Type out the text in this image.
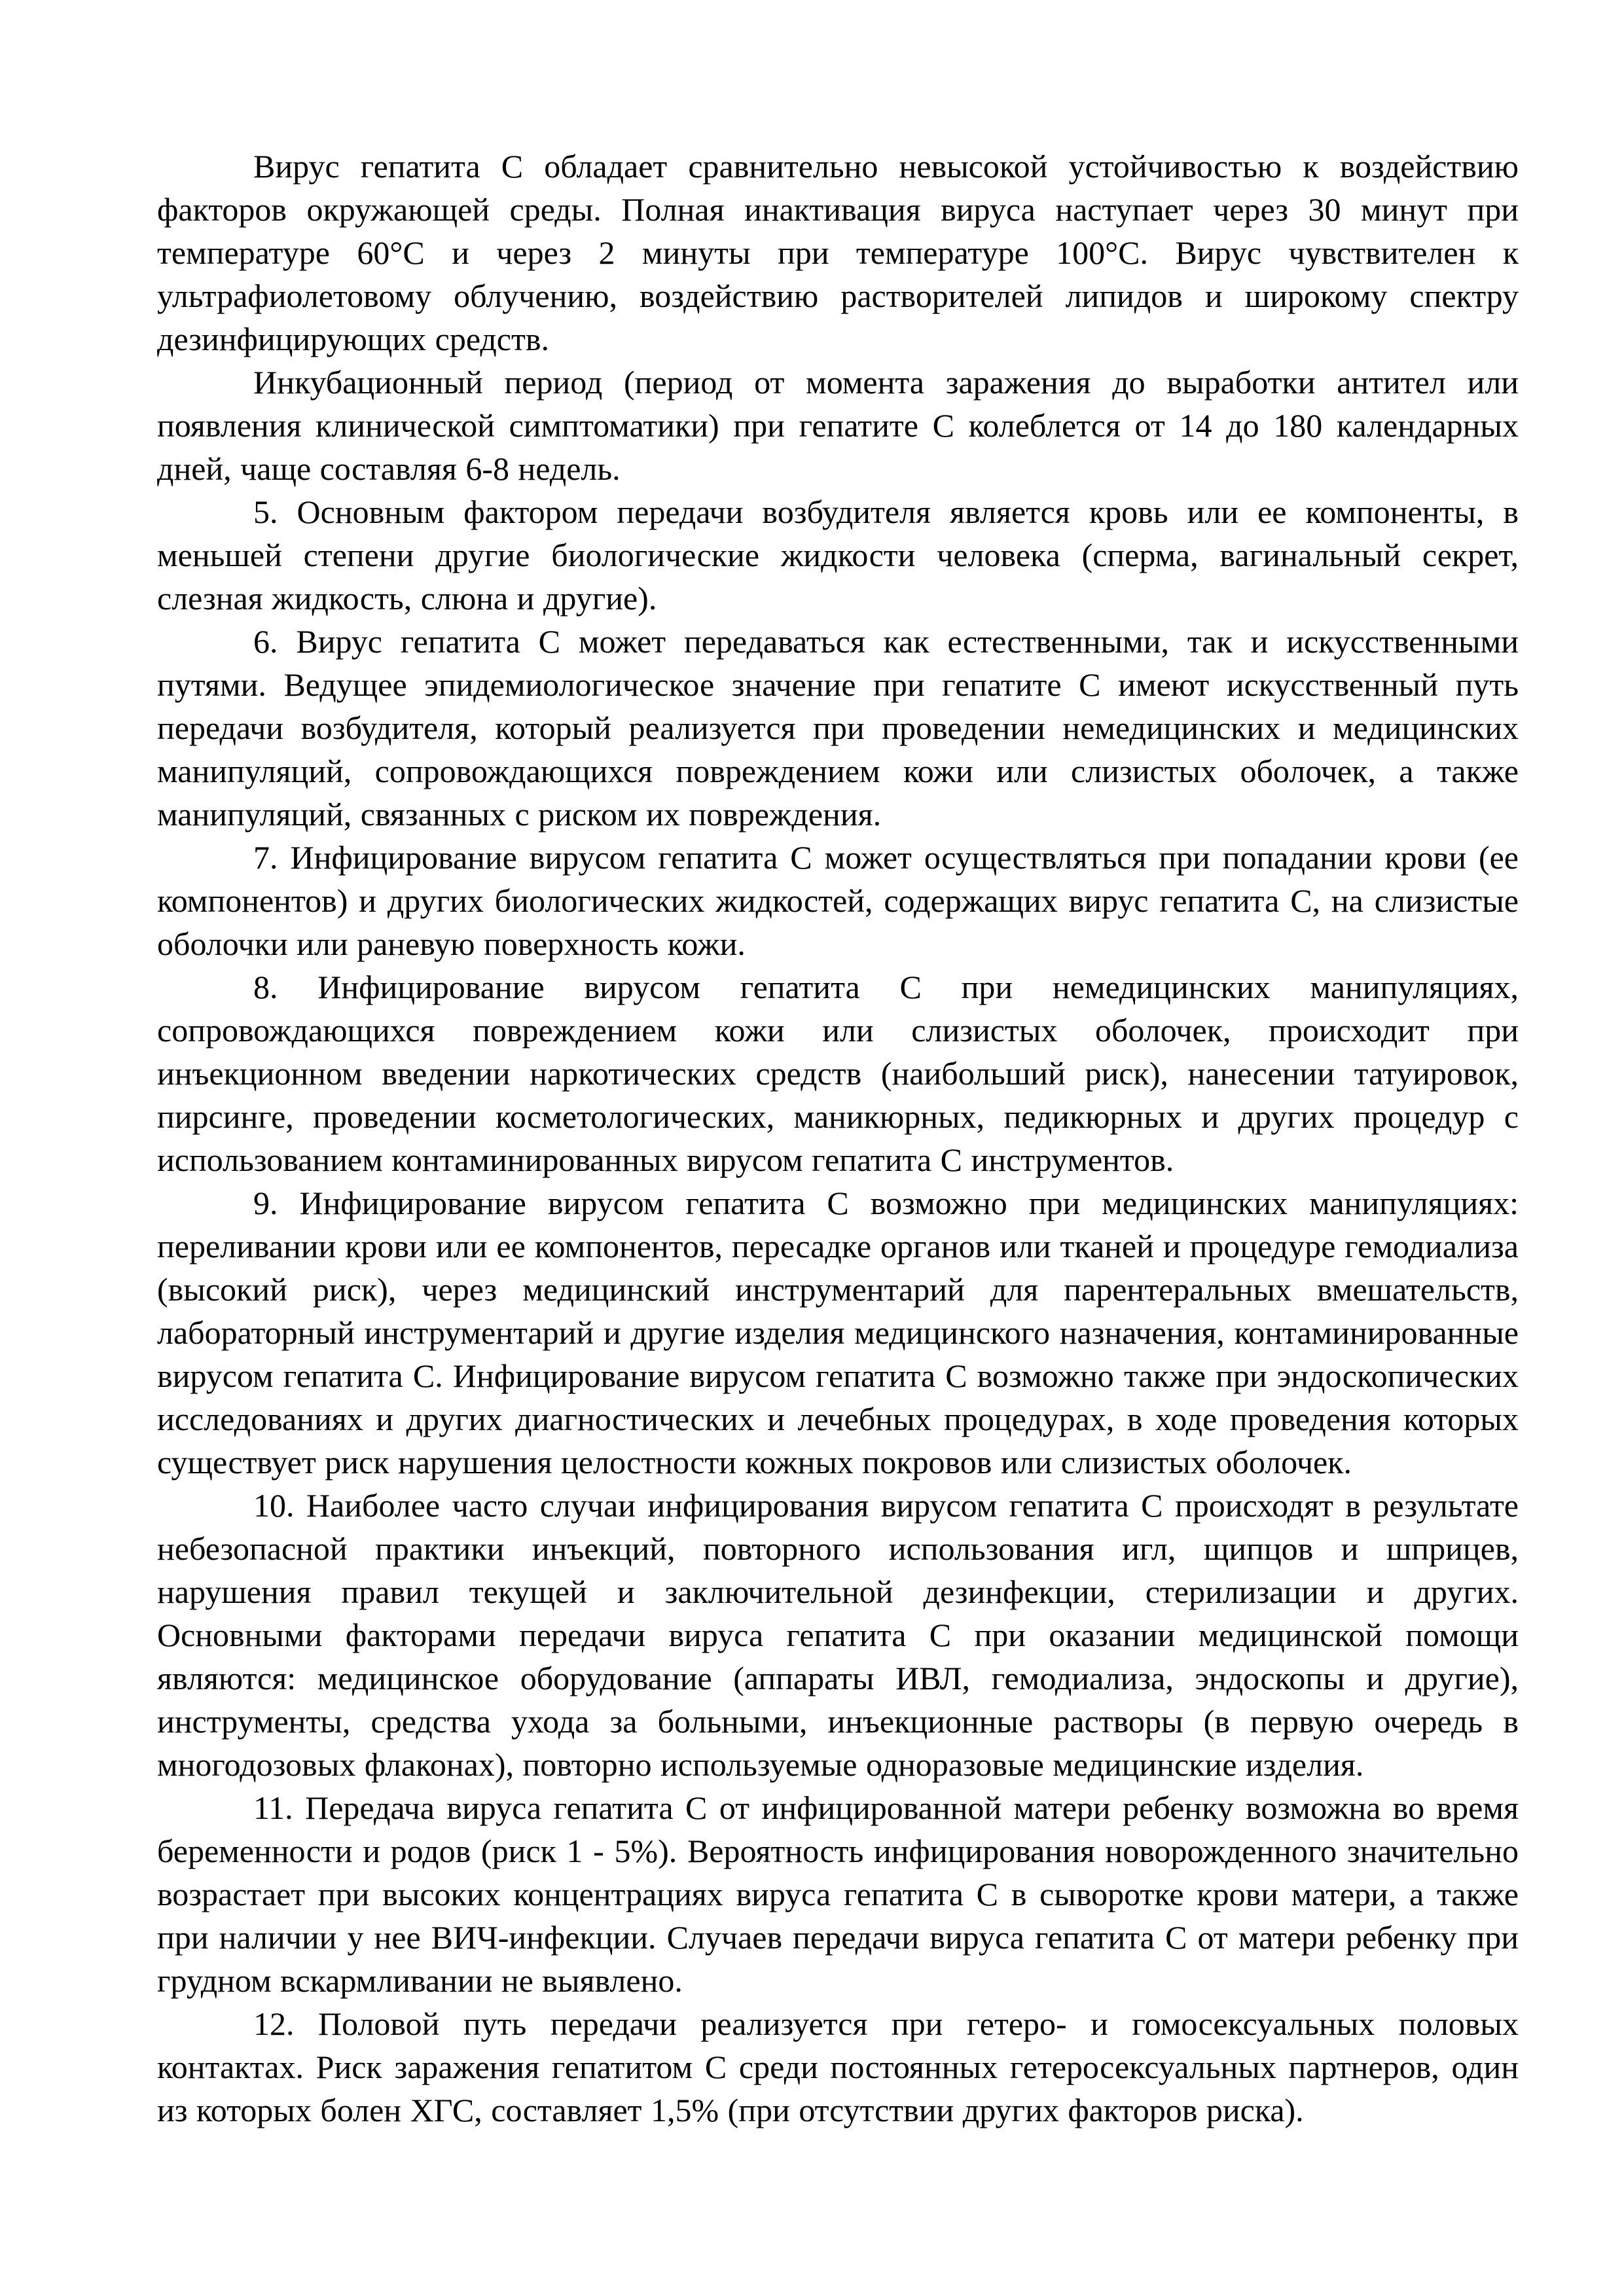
Вирус гепатита С обладает сравнительно невысокой устойчивостью к воздействию факторов окружающей среды. Полная инактивация вируса наступает через 30 минут при температуре 60°С и через 2 минуты при температуре 100°С. Вирус чувствителен к ультрафиолетовому облучению, воздействию растворителей липидов и широкому спектру дезинфицирующих средств.

Инкубационный период (период от момента заражения до выработки антител или появления клинической симптоматики) при гепатите С колеблется от 14 до 180 календарных дней, чаще составляя 6-8 недель.

5. Основным фактором передачи возбудителя является кровь или ее компоненты, в меньшей степени другие биологические жидкости человека (сперма, вагинальный секрет, слезная жидкость, слюна и другие).

6. Вирус гепатита С может передаваться как естественными, так и искусственными путями. Ведущее эпидемиологическое значение при гепатите С имеют искусственный путь передачи возбудителя, который реализуется при проведении немедицинских и медицинских манипуляций, сопровождающихся повреждением кожи или слизистых оболочек, а также манипуляций, связанных с риском их повреждения.

7. Инфицирование вирусом гепатита С может осуществляться при попадании крови (ее компонентов) и других биологических жидкостей, содержащих вирус гепатита С, на слизистые оболочки или раневую поверхность кожи.

8. Инфицирование вирусом гепатита С при немедицинских манипуляциях, сопровождающихся повреждением кожи или слизистых оболочек, происходит при инъекционном введении наркотических средств (наибольший риск), нанесении татуировок, пирсинге, проведении косметологических, маникюрных, педикюрных и других процедур с использованием контаминированных вирусом гепатита С инструментов.

9. Инфицирование вирусом гепатита С возможно при медицинских манипуляциях: переливании крови или ее компонентов, пересадке органов или тканей и процедуре гемодиализа (высокий риск), через медицинский инструментарий для парентеральных вмешательств, лабораторный инструментарий и другие изделия медицинского назначения, контаминированные вирусом гепатита С. Инфицирование вирусом гепатита С возможно также при эндоскопических исследованиях и других диагностических и лечебных процедурах, в ходе проведения которых существует риск нарушения целостности кожных покровов или слизистых оболочек.

10. Наиболее часто случаи инфицирования вирусом гепатита С происходят в результате небезопасной практики инъекций, повторного использования игл, щипцов и шприцев, нарушения правил текущей и заключительной дезинфекции, стерилизации и других. Основными факторами передачи вируса гепатита С при оказании медицинской помощи являются: медицинское оборудование (аппараты ИВЛ, гемодиализа, эндоскопы и другие), инструменты, средства ухода за больными, инъекционные растворы (в первую очередь в многодозовых флаконах), повторно используемые одноразовые медицинские изделия.

11. Передача вируса гепатита С от инфицированной матери ребенку возможна во время беременности и родов (риск 1 - 5%). Вероятность инфицирования новорожденного значительно возрастает при высоких концентрациях вируса гепатита С в сыворотке крови матери, а также при наличии у нее ВИЧ-инфекции. Случаев передачи вируса гепатита С от матери ребенку при грудном вскармливании не выявлено.

12. Половой путь передачи реализуется при гетеро- и гомосексуальных половых контактах. Риск заражения гепатитом С среди постоянных гетеросексуальных партнеров, один из которых болен ХГС, составляет 1,5% (при отсутствии других факторов риска).
